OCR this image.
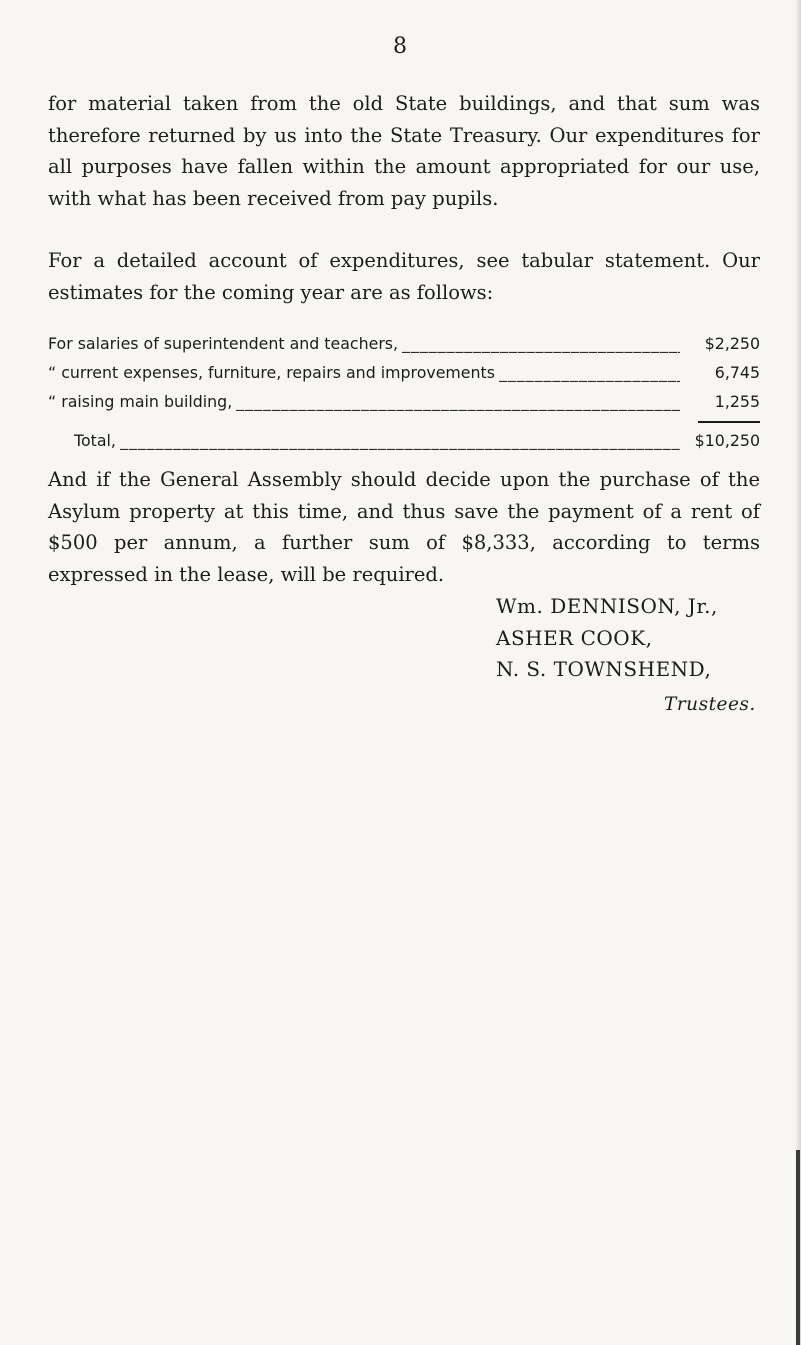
8

for material taken from the old State buildings, and that sum was therefore returned by us into the State Treasury. Our expenditures for all purposes have fallen within the amount appropriated for our use, with what has been received from pay pupils.

For a detailed account of expenditures, see tabular statement. Our estimates for the coming year are as follows:

For salaries of superintendent and teachers, _____	$2,250
“ current expenses, furniture, repairs and improvements _____	6,745
“ raising main building, _____	1,255
Total, _____	$10,250

And if the General Assembly should decide upon the purchase of the Asylum property at this time, and thus save the payment of a rent of $500 per annum, a further sum of $8,333, according to terms expressed in the lease, will be required.

Wm. DENNISON, Jr.,
ASHER COOK,
N. S. TOWNSHEND,
Trustees.
